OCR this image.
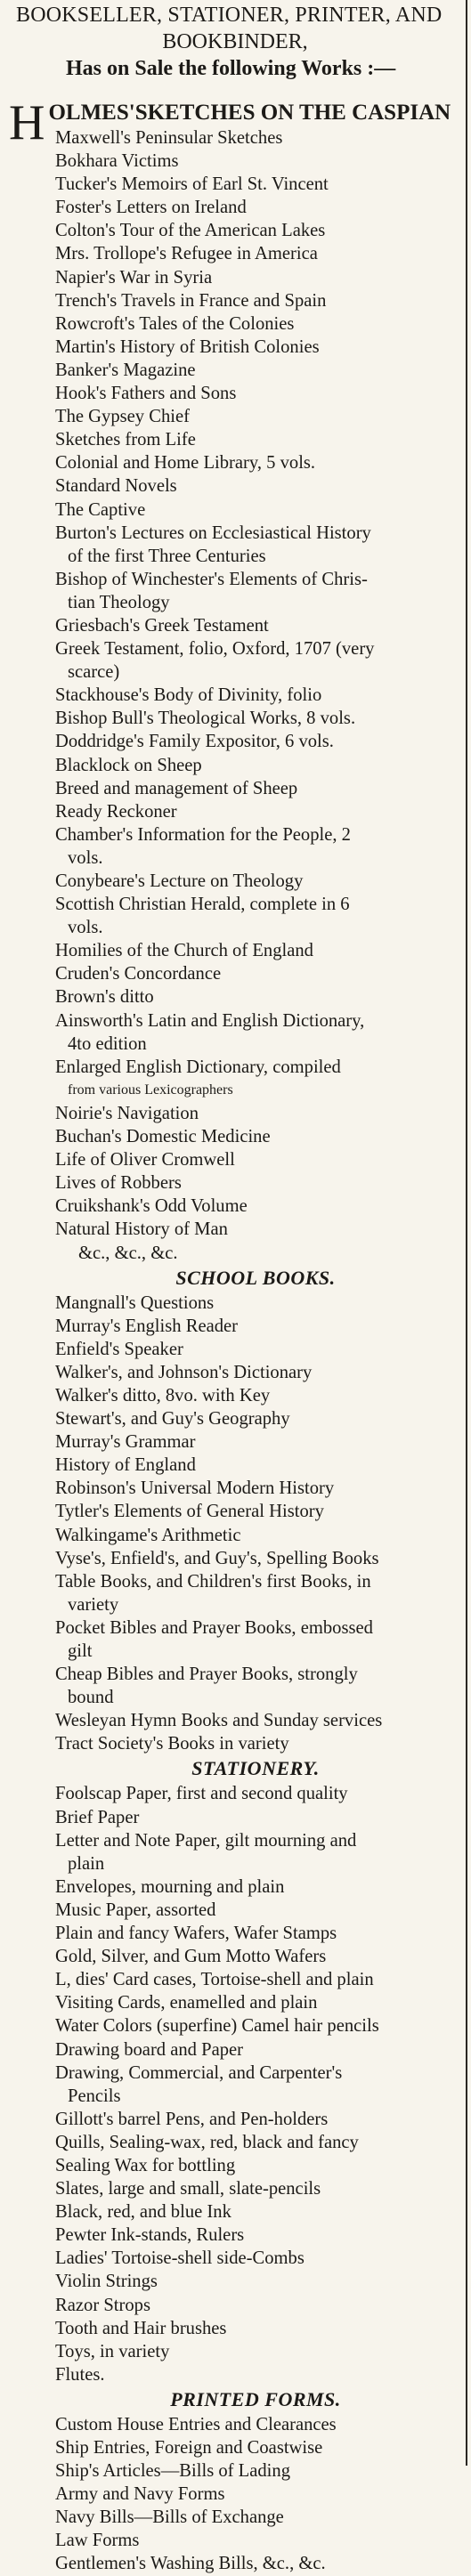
BOOKSELLER, STATIONER, PRINTER, AND
BOOKBINDER,
Has on Sale the following Works :—
H OLMES'SKETCHES ON THE CASPIAN
Maxwell's Peninsular Sketches
Bokhara Victims
Tucker's Memoirs of Earl St. Vincent
Foster's Letters on Ireland
Colton's Tour of the American Lakes
Mrs. Trollope's Refugee in America
Napier's War in Syria
Trench's Travels in France and Spain
Rowcroft's Tales of the Colonies
Martin's History of British Colonies
Banker's Magazine
Hook's Fathers and Sons
The Gypsey Chief
Sketches from Life
Colonial and Home Library, 5 vols.
Standard Novels
The Captive
Burton's Lectures on Ecclesiastical History
of the first Three Centuries
Bishop of Winchester's Elements of Chris-
tian Theology
Griesbach's Greek Testament
Greek Testament, folio, Oxford, 1707 (very
scarce)
Stackhouse's Body of Divinity, folio
Bishop Bull's Theological Works, 8 vols.
Doddridge's Family Expositor, 6 vols.
Blacklock on Sheep
Breed and management of Sheep
Ready Reckoner
Chamber's Information for the People, 2
vols.
Conybeare's Lecture on Theology
Scottish Christian Herald, complete in 6
vols.
Homilies of the Church of England
Cruden's Concordance
Brown's ditto
Ainsworth's Latin and English Dictionary,
4to edition
Enlarged English Dictionary, compiled
from various Lexicographers
Noirie's Navigation
Buchan's Domestic Medicine
Life of Oliver Cromwell
Lives of Robbers
Cruikshank's Odd Volume
Natural History of Man
&c., &c., &c.
SCHOOL BOOKS.
Mangnall's Questions
Murray's English Reader
Enfield's Speaker
Walker's, and Johnson's Dictionary
Walker's ditto, 8vo. with Key
Stewart's, and Guy's Geography
Murray's Grammar
History of England
Robinson's Universal Modern History
Tytler's Elements of General History
Walkingame's Arithmetic
Vyse's, Enfield's, and Guy's, Spelling Books
Table Books, and Children's first Books, in
variety
Pocket Bibles and Prayer Books, embossed
gilt
Cheap Bibles and Prayer Books, strongly
bound
Wesleyan Hymn Books and Sunday services
Tract Society's Books in variety
STATIONERY.
Foolscap Paper, first and second quality
Brief Paper
Letter and Note Paper, gilt mourning and
plain
Envelopes, mourning and plain
Music Paper, assorted
Plain and fancy Wafers, Wafer Stamps
Gold, Silver, and Gum Motto Wafers
L, dies' Card cases, Tortoise-shell and plain
Visiting Cards, enamelled and plain
Water Colors (superfine) Camel hair pencils
Drawing board and Paper
Drawing, Commercial, and Carpenter's
Pencils
Gillott's barrel Pens, and Pen-holders
Quills, Sealing-wax, red, black and fancy
Sealing Wax for bottling
Slates, large and small, slate-pencils
Black, red, and blue Ink
Pewter Ink-stands, Rulers
Ladies' Tortoise-shell side-Combs
Violin Strings
Razor Strops
Tooth and Hair brushes
Toys, in variety
Flutes.
PRINTED FORMS.
Custom House Entries and Clearances
Ship Entries, Foreign and Coastwise
Ship's Articles—Bills of Lading
Army and Navy Forms
Navy Bills—Bills of Exchange
Law Forms
Gentlemen's Washing Bills, &c., &c.
